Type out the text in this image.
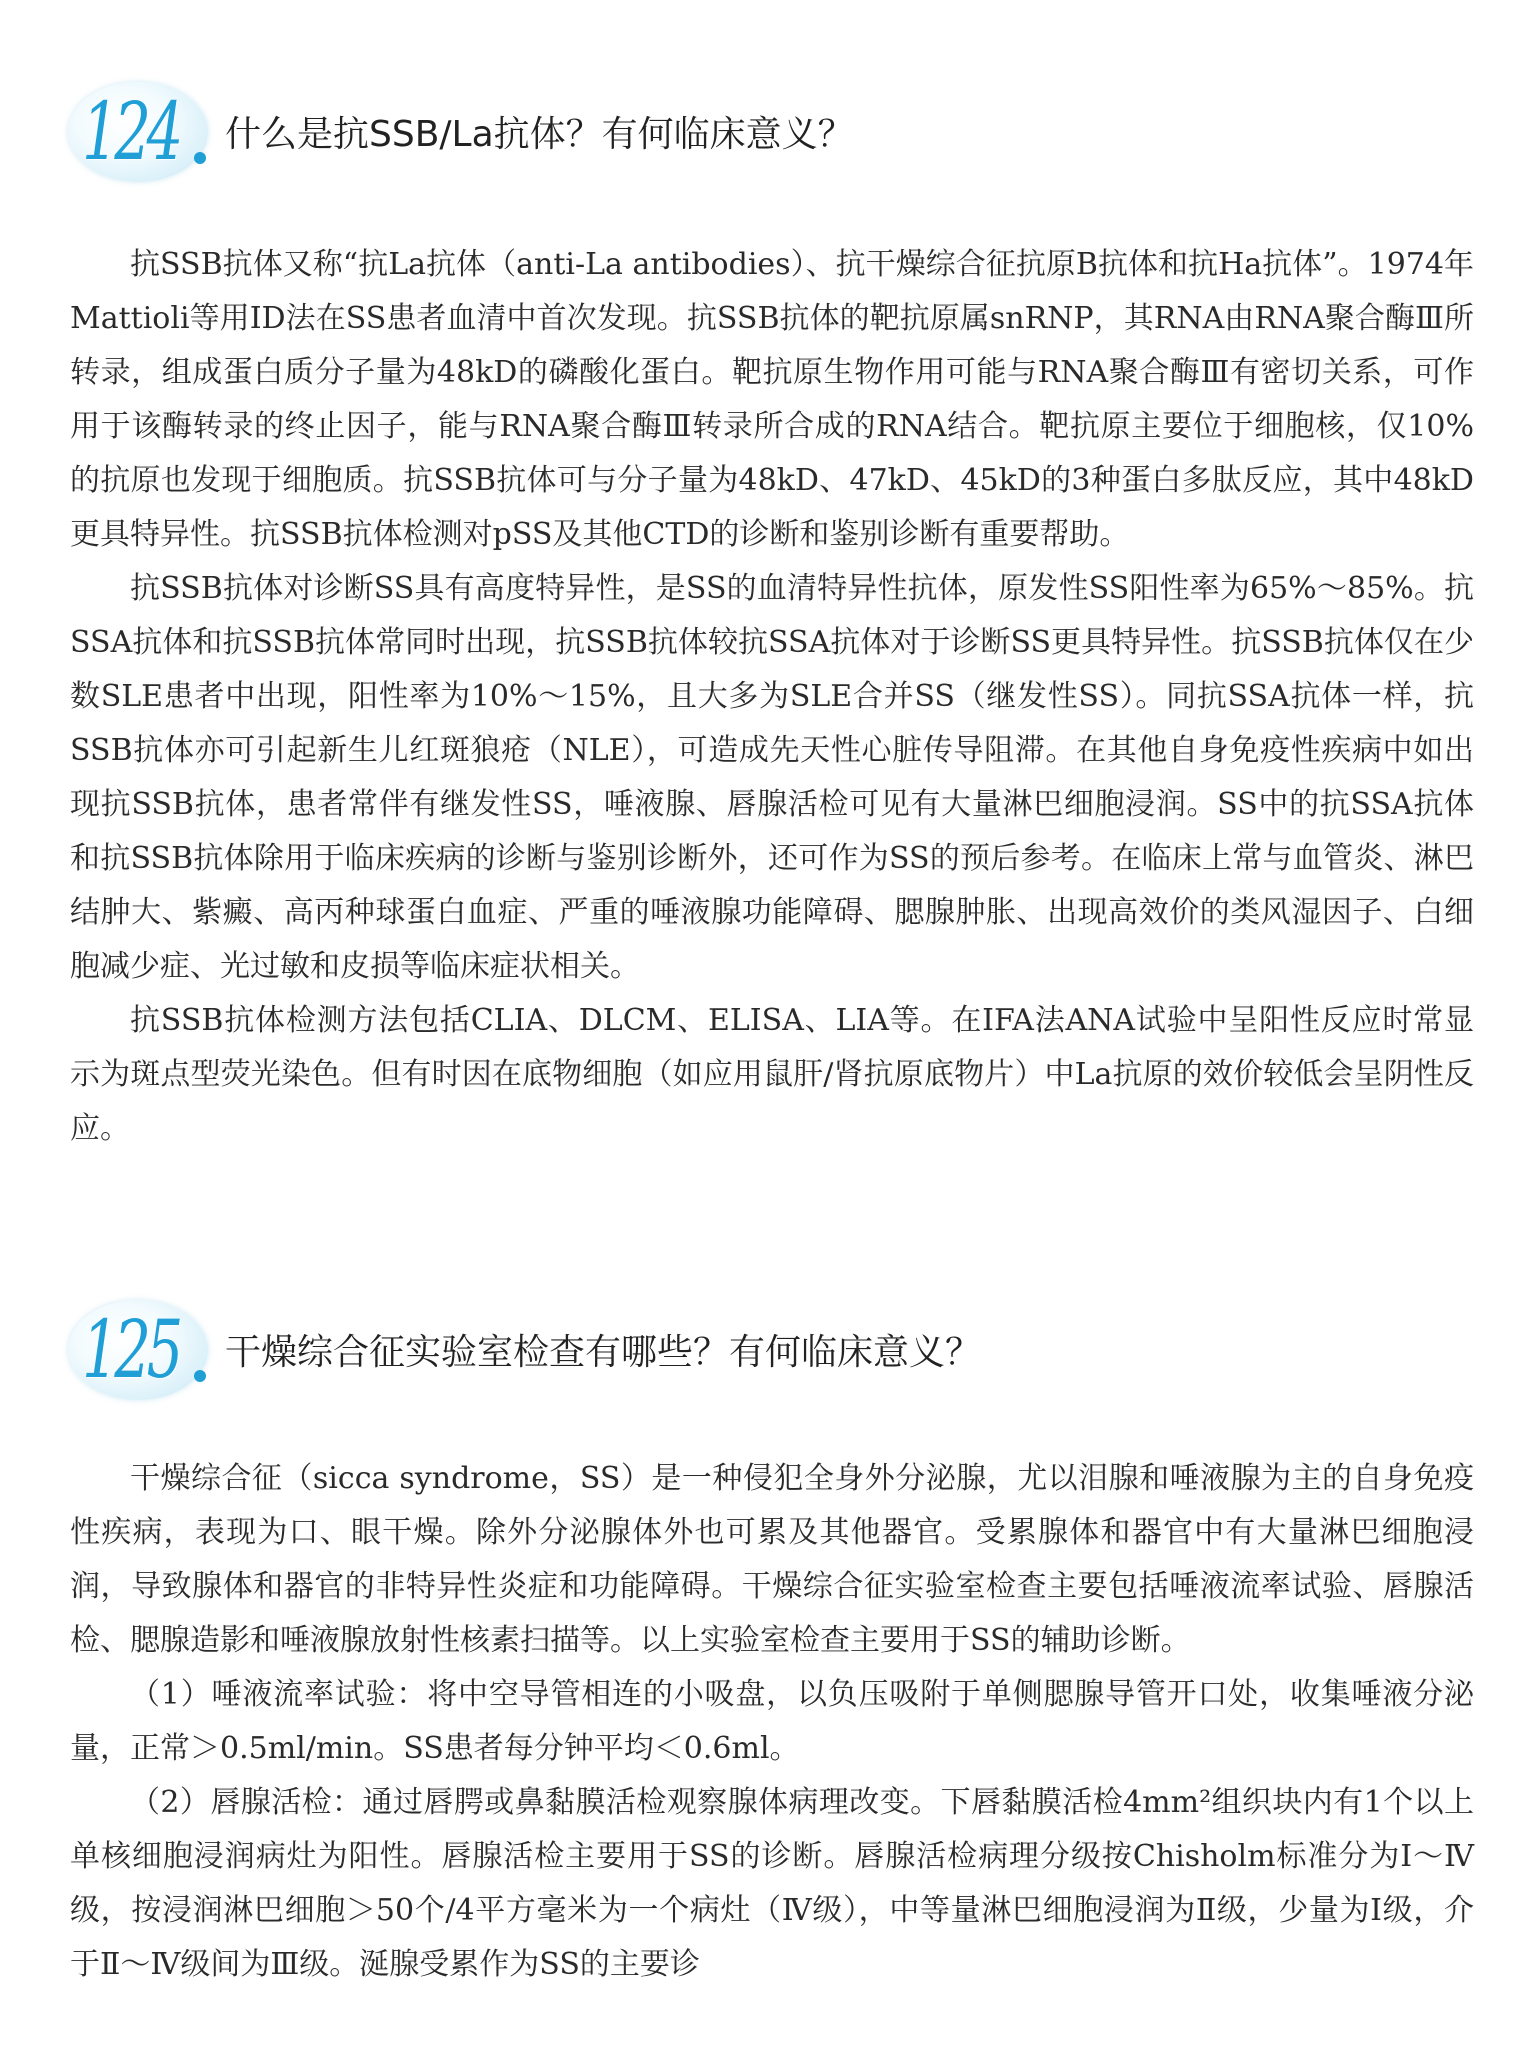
124 什么是抗SSB/La抗体？有何临床意义？

抗SSB抗体又称“抗La抗体（anti-La antibodies）、抗干燥综合征抗原B抗体和抗Ha抗体”。1974年Mattioli等用ID法在SS患者血清中首次发现。抗SSB抗体的靶抗原属snRNP，其RNA由RNA聚合酶Ⅲ所转录，组成蛋白质分子量为48kD的磷酸化蛋白。靶抗原生物作用可能与RNA聚合酶Ⅲ有密切关系，可作用于该酶转录的终止因子，能与RNA聚合酶Ⅲ转录所合成的RNA结合。靶抗原主要位于细胞核，仅10%的抗原也发现于细胞质。抗SSB抗体可与分子量为48kD、47kD、45kD的3种蛋白多肽反应，其中48kD更具特异性。抗SSB抗体检测对pSS及其他CTD的诊断和鉴别诊断有重要帮助。

抗SSB抗体对诊断SS具有高度特异性，是SS的血清特异性抗体，原发性SS阳性率为65%～85%。抗SSA抗体和抗SSB抗体常同时出现，抗SSB抗体较抗SSA抗体对于诊断SS更具特异性。抗SSB抗体仅在少数SLE患者中出现，阳性率为10%～15%，且大多为SLE合并SS（继发性SS）。同抗SSA抗体一样，抗SSB抗体亦可引起新生儿红斑狼疮（NLE），可造成先天性心脏传导阻滞。在其他自身免疫性疾病中如出现抗SSB抗体，患者常伴有继发性SS，唾液腺、唇腺活检可见有大量淋巴细胞浸润。SS中的抗SSA抗体和抗SSB抗体除用于临床疾病的诊断与鉴别诊断外，还可作为SS的预后参考。在临床上常与血管炎、淋巴结肿大、紫癜、高丙种球蛋白血症、严重的唾液腺功能障碍、腮腺肿胀、出现高效价的类风湿因子、白细胞减少症、光过敏和皮损等临床症状相关。

抗SSB抗体检测方法包括CLIA、DLCM、ELISA、LIA等。在IFA法ANA试验中呈阳性反应时常显示为斑点型荧光染色。但有时因在底物细胞（如应用鼠肝/肾抗原底物片）中La抗原的效价较低会呈阴性反应。

125 干燥综合征实验室检查有哪些？有何临床意义？

干燥综合征（sicca syndrome，SS）是一种侵犯全身外分泌腺，尤以泪腺和唾液腺为主的自身免疫性疾病，表现为口、眼干燥。除外分泌腺体外也可累及其他器官。受累腺体和器官中有大量淋巴细胞浸润，导致腺体和器官的非特异性炎症和功能障碍。干燥综合征实验室检查主要包括唾液流率试验、唇腺活检、腮腺造影和唾液腺放射性核素扫描等。以上实验室检查主要用于SS的辅助诊断。

（1）唾液流率试验：将中空导管相连的小吸盘，以负压吸附于单侧腮腺导管开口处，收集唾液分泌量，正常＞0.5ml/min。SS患者每分钟平均＜0.6ml。

（2）唇腺活检：通过唇腭或鼻黏膜活检观察腺体病理改变。下唇黏膜活检4mm²组织块内有1个以上单核细胞浸润病灶为阳性。唇腺活检主要用于SS的诊断。唇腺活检病理分级按Chisholm标准分为Ⅰ～Ⅳ级，按浸润淋巴细胞＞50个/4平方毫米为一个病灶（Ⅳ级），中等量淋巴细胞浸润为Ⅱ级，少量为Ⅰ级，介于Ⅱ～Ⅳ级间为Ⅲ级。涎腺受累作为SS的主要诊
